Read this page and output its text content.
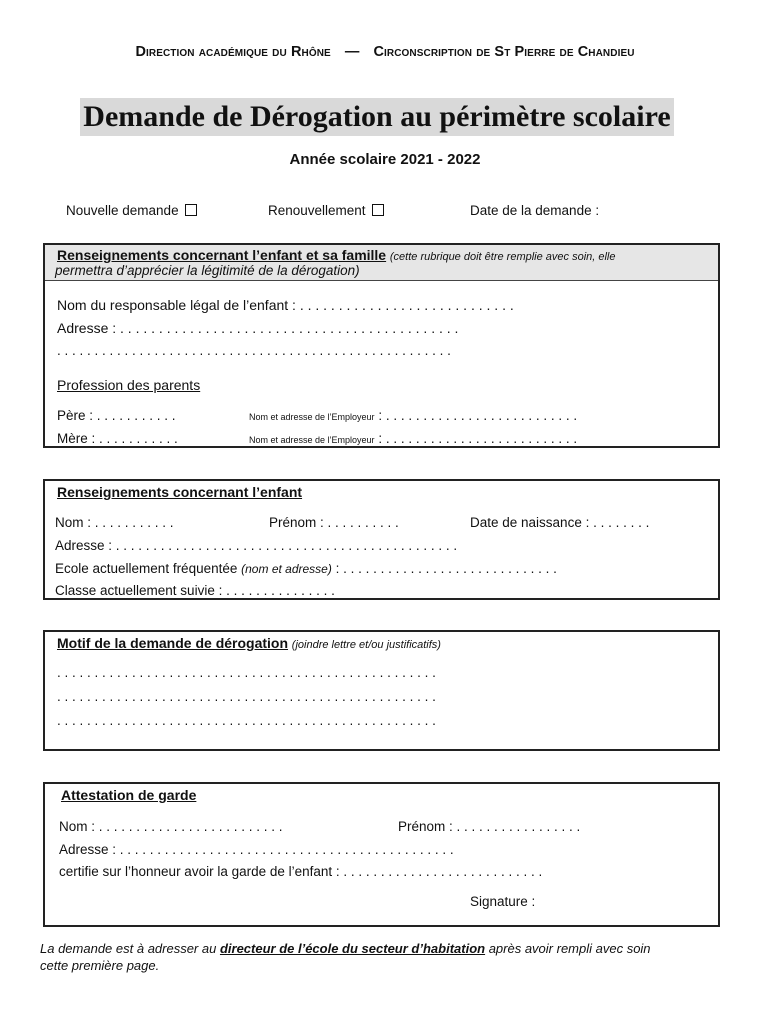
Direction académique du Rhône — Circonscription de St Pierre de Chandieu
Demande de Dérogation au périmètre scolaire
Année scolaire 2021 - 2022
Nouvelle demande	Renouvellement	Date de la demande :
Renseignements concernant l’enfant et sa famille (cette rubrique doit être remplie avec soin, elle
permettra d’apprécier la légitimité de la dérogation)
Nom du responsable légal de l’enfant : . . . . . . . . . . . . . . . . . . . . . . . . . . . .
Adresse : . . . . . . . . . . . . . . . . . . . . . . . . . . . . . . . . . . . . . . . . . . . .
. . . . . . . . . . . . . . . . . . . . . . . . . . . . . . . . . . . . . . . . . . . . . . . . . . . . .
Profession des parents
Père : . . . . . . . . . . .	Nom et adresse de l’Employeur : . . . . . . . . . . . . . . . . . . . . . . . . . .
Mère : . . . . . . . . . . .	Nom et adresse de l’Employeur : . . . . . . . . . . . . . . . . . . . . . . . . . .
Renseignements concernant l’enfant
Nom : . . . . . . . . . . .	Prénom : . . . . . . . . . .	Date de naissance : . . . . . . . .
Adresse : . . . . . . . . . . . . . . . . . . . . . . . . . . . . . . . . . . . . . . . . . . . . . .
Ecole actuellement fréquentée (nom et adresse) : . . . . . . . . . . . . . . . . . . . . . . . . . . . . .
Classe actuellement suivie : . . . . . . . . . . . . . . .
Motif de la demande de dérogation (joindre lettre et/ou justificatifs)
. . . . . . . . . . . . . . . . . . . . . . . . . . . . . . . . . . . . . . . . . . . . . . . . . . .
. . . . . . . . . . . . . . . . . . . . . . . . . . . . . . . . . . . . . . . . . . . . . . . . . . .
. . . . . . . . . . . . . . . . . . . . . . . . . . . . . . . . . . . . . . . . . . . . . . . . . . .
Attestation de garde
Nom : . . . . . . . . . . . . . . . . . . . . . . . . .	Prénom : . . . . . . . . . . . . . . . . .
Adresse : . . . . . . . . . . . . . . . . . . . . . . . . . . . . . . . . . . . . . . . . . . . . .
certifie sur l’honneur avoir la garde de l’enfant : . . . . . . . . . . . . . . . . . . . . . . . . . . .
Signature :
La demande est à adresser au directeur de l’école du secteur d’habitation après avoir rempli avec soin
cette première page.
